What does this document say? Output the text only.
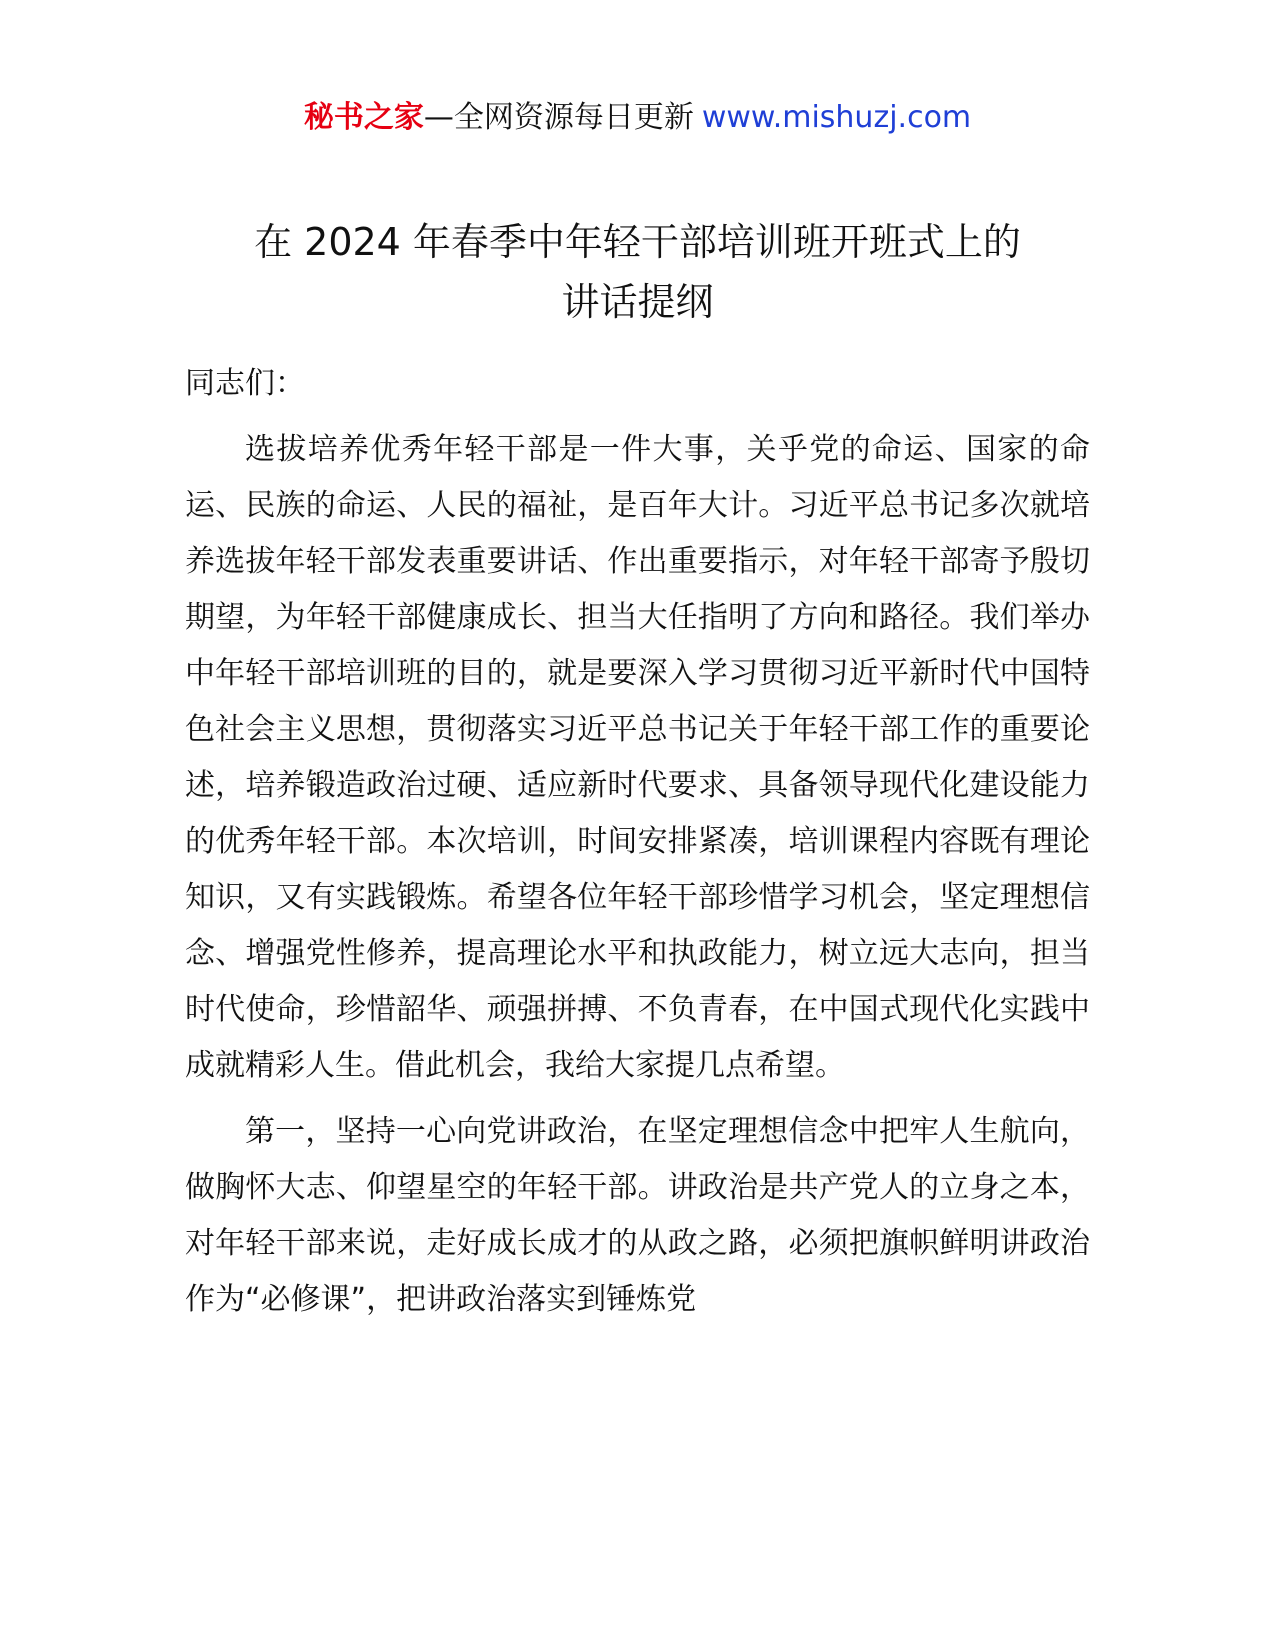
秘书之家—全网资源每日更新 www.mishuzj.com
在 2024 年春季中年轻干部培训班开班式上的
讲话提纲

同志们：

选拔培养优秀年轻干部是一件大事，关乎党的命运、国家的命运、民族的命运、人民的福祉，是百年大计。习近平总书记多次就培养选拔年轻干部发表重要讲话、作出重要指示，对年轻干部寄予殷切期望，为年轻干部健康成长、担当大任指明了方向和路径。我们举办中年轻干部培训班的目的，就是要深入学习贯彻习近平新时代中国特色社会主义思想，贯彻落实习近平总书记关于年轻干部工作的重要论述，培养锻造政治过硬、适应新时代要求、具备领导现代化建设能力的优秀年轻干部。本次培训，时间安排紧凑，培训课程内容既有理论知识，又有实践锻炼。希望各位年轻干部珍惜学习机会，坚定理想信念、增强党性修养，提高理论水平和执政能力，树立远大志向，担当时代使命，珍惜韶华、顽强拼搏、不负青春，在中国式现代化实践中成就精彩人生。借此机会，我给大家提几点希望。

第一，坚持一心向党讲政治，在坚定理想信念中把牢人生航向，做胸怀大志、仰望星空的年轻干部。讲政治是共产党人的立身之本，对年轻干部来说，走好成长成才的从政之路，必须把旗帜鲜明讲政治作为“必修课”，把讲政治落实到锤炼党
